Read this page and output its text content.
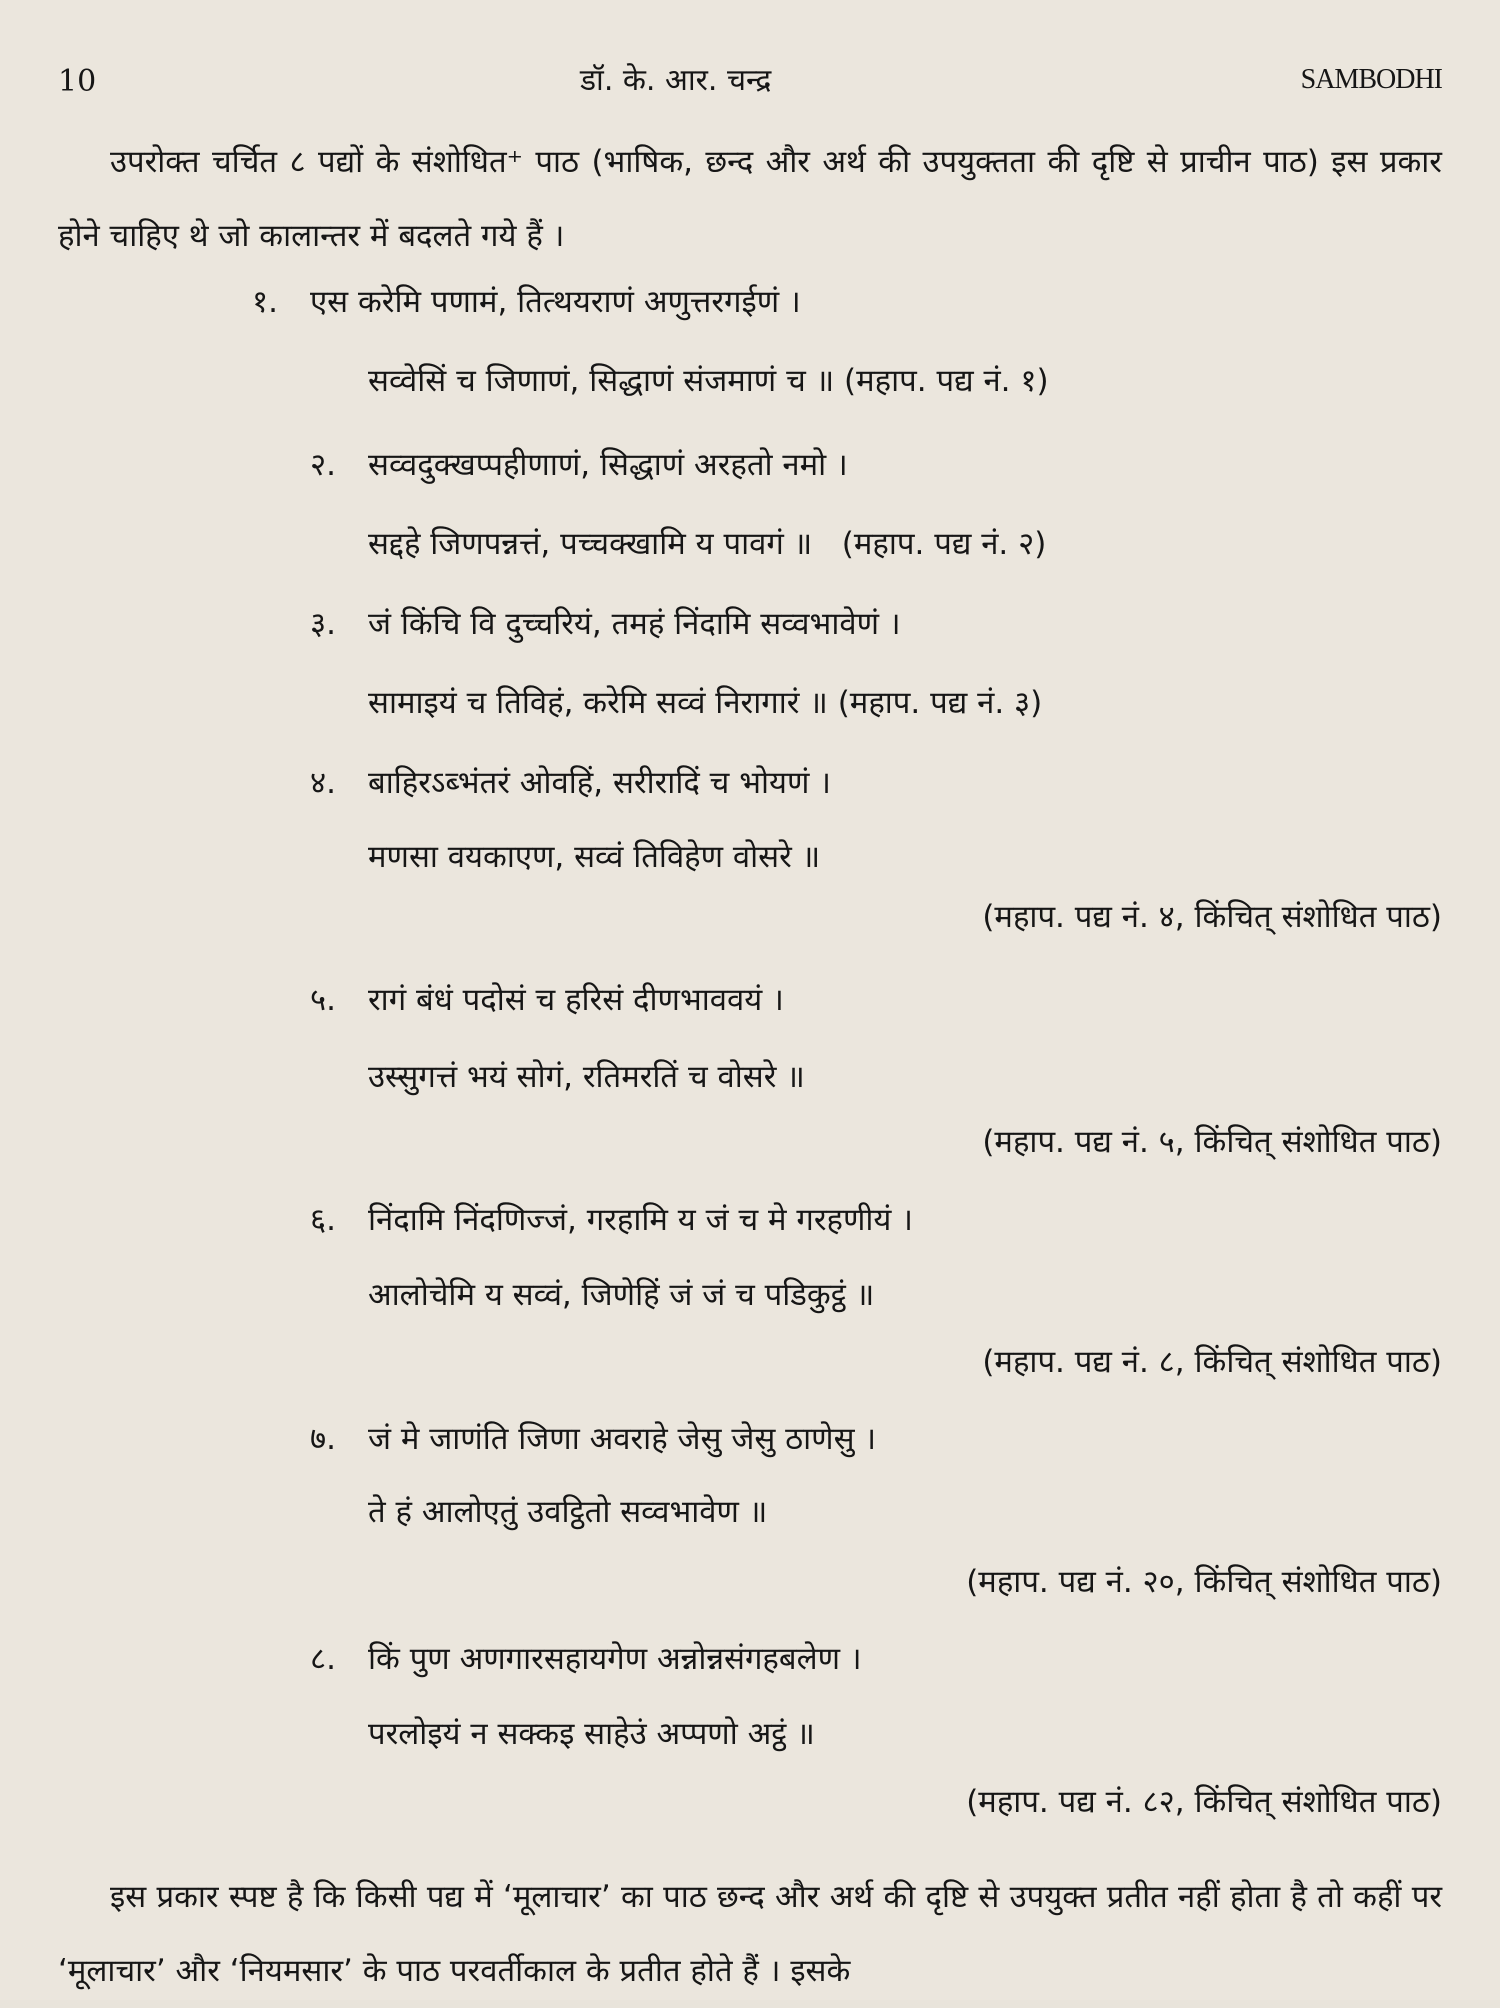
10	डॉ. के. आर. चन्द्र	SAMBODHI

उपरोक्त चर्चित ८ पद्यों के संशोधित⁺ पाठ (भाषिक, छन्द और अर्थ की उपयुक्तता की दृष्टि से प्राचीन पाठ) इस प्रकार होने चाहिए थे जो कालान्तर में बदलते गये हैं ।

१. एस करेमि पणामं, तित्थयराणं अणुत्तरगईणं ।
सव्वेसिं च जिणाणं, सिद्धाणं संजमाणं च ॥ (महाप. पद्य नं. १)
२. सव्वदुक्खप्पहीणाणं, सिद्धाणं अरहतो नमो ।
सद्दहे जिणपन्नत्तं, पच्चक्खामि य पावगं ॥ (महाप. पद्य नं. २)
३. जं किंचि वि दुच्चरियं, तमहं निंदामि सव्वभावेणं ।
सामाइयं च तिविहं, करेमि सव्वं निरागारं ॥ (महाप. पद्य नं. ३)
४. बाहिरऽब्भंतरं ओवहिं, सरीरादिं च भोयणं ।
मणसा वयकाएण, सव्वं तिविहेण वोसरे ॥
(महाप. पद्य नं. ४, किंचित् संशोधित पाठ)
५. रागं बंधं पदोसं च हरिसं दीणभाववयं ।
उस्सुगत्तं भयं सोगं, रतिमरतिं च वोसरे ॥
(महाप. पद्य नं. ५, किंचित् संशोधित पाठ)
६. निंदामि निंदणिज्जं, गरहामि य जं च मे गरहणीयं ।
आलोचेमि य सव्वं, जिणेहिं जं जं च पडिकुट्ठं ॥
(महाप. पद्य नं. ८, किंचित् संशोधित पाठ)
७. जं मे जाणंति जिणा अवराहे जेसु जेसु ठाणेसु ।
ते हं आलोएतुं उवट्ठितो सव्वभावेण ॥
(महाप. पद्य नं. २०, किंचित् संशोधित पाठ)
८. किं पुण अणगारसहायगेण अन्नोन्नसंगहबलेण ।
परलोइयं न सक्कइ साहेउं अप्पणो अट्ठं ॥
(महाप. पद्य नं. ८२, किंचित् संशोधित पाठ)

इस प्रकार स्पष्ट है कि किसी पद्य में ‘मूलाचार’ का पाठ छन्द और अर्थ की दृष्टि से उपयुक्त प्रतीत नहीं होता है तो कहीं पर ‘मूलाचार’ और ‘नियमसार’ के पाठ परवर्तीकाल के प्रतीत होते हैं । इसके
